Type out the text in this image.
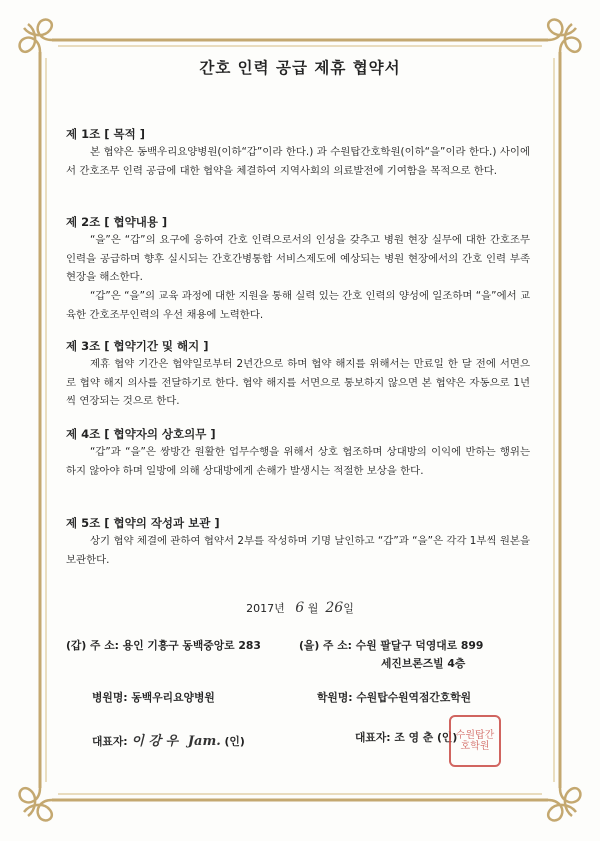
간호 인력 공급 제휴 협약서
제 1조 [ 목적 ]
본 협약은 동백우리요양병원(이하“갑”이라 한다.) 과 수원탑간호학원(이하“을”이라 한다.) 사이에서 간호조무 인력 공급에 대한 협약을 체결하여 지역사회의 의료발전에 기여함을 목적으로 한다.
제 2조 [ 협약내용 ]
“을”은 “갑”의 요구에 응하여 간호 인력으로서의 인성을 갖추고 병원 현장 실무에 대한 간호조무 인력을 공급하며 향후 실시되는 간호간병통합 서비스제도에 예상되는 병원 현장에서의 간호 인력 부족 현장을 해소한다.
“갑”은 “을”의 교육 과정에 대한 지원을 통해 실력 있는 간호 인력의 양성에 일조하며 “을”에서 교육한 간호조무인력의 우선 채용에 노력한다.
제 3조 [ 협약기간 및 해지 ]
제휴 협약 기간은 협약일로부터 2년간으로 하며 협약 해지를 위해서는 만료일 한 달 전에 서면으로 협약 해지 의사를 전달하기로 한다. 협약 해지를 서면으로 통보하지 않으면 본 협약은 자동으로 1년씩 연장되는 것으로 한다.
제 4조 [ 협약자의 상호의무 ]
“갑”과 “을”은 쌍방간 원활한 업무수행을 위해서 상호 협조하며 상대방의 이익에 반하는 행위는 하지 않아야 하며 일방에 의해 상대방에게 손해가 발생시는 적절한 보상을 한다.
제 5조 [ 협약의 작성과 보관 ]
상기 협약 체결에 관하여 협약서 2부를 작성하며 기명 날인하고 “갑”과 “을”은 각각 1부씩 원본을 보관한다.
2017년 6 월 26일
(갑) 주 소: 용인 기흥구 동백중앙로 283
병원명: 동백우리요양병원
대표자: 이 강 우 Jam. (인)
(을) 주 소: 수원 팔달구 덕영대로 899
세진브론즈빌 4층
학원명: 수원탑수원역점간호학원
대표자: 조 영 춘 (인)
수원탑간호학원
